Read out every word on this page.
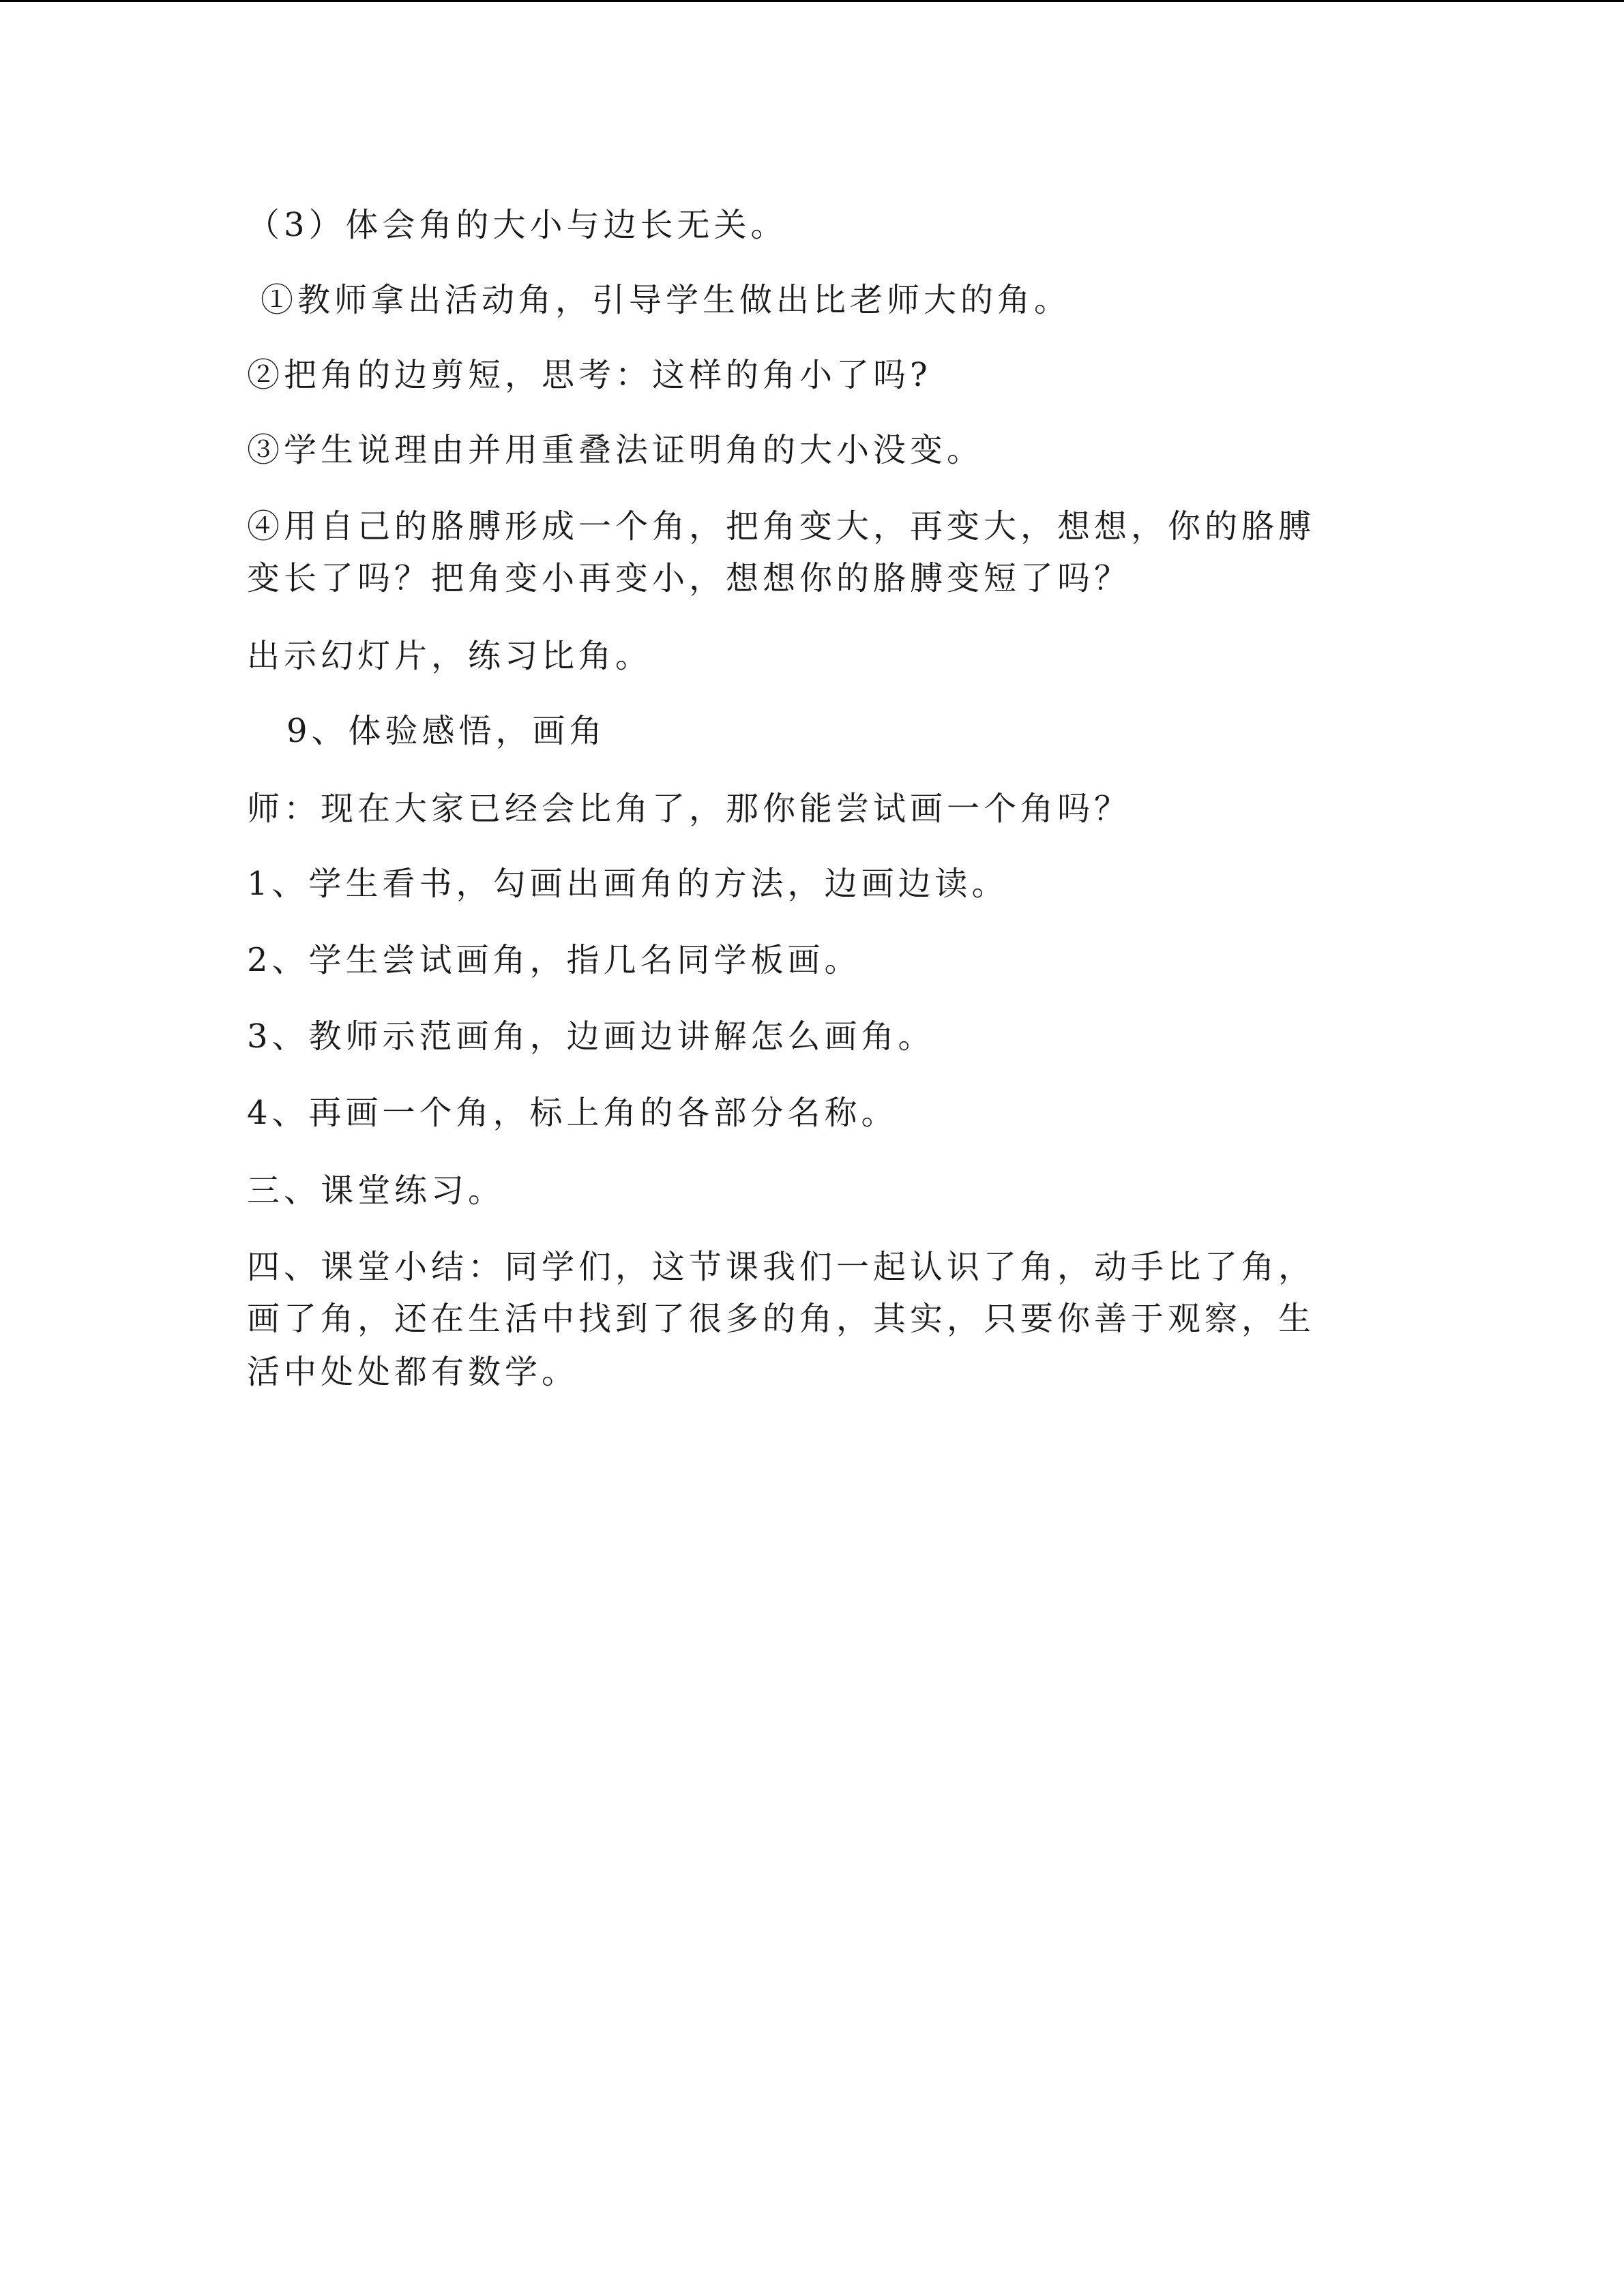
（3）体会角的大小与边长无关。
①教师拿出活动角，引导学生做出比老师大的角。
②把角的边剪短，思考：这样的角小了吗?
③学生说理由并用重叠法证明角的大小没变。
④用自己的胳膊形成一个角，把角变大，再变大，想想，你的胳膊
变长了吗？把角变小再变小，想想你的胳膊变短了吗？
出示幻灯片，练习比角。
9、体验感悟，画角
师：现在大家已经会比角了，那你能尝试画一个角吗？
1、学生看书，勾画出画角的方法，边画边读。
2、学生尝试画角，指几名同学板画。
3、教师示范画角，边画边讲解怎么画角。
4、再画一个角，标上角的各部分名称。
三、课堂练习。
四、课堂小结：同学们，这节课我们一起认识了角，动手比了角，
画了角，还在生活中找到了很多的角，其实，只要你善于观察，生
活中处处都有数学。
